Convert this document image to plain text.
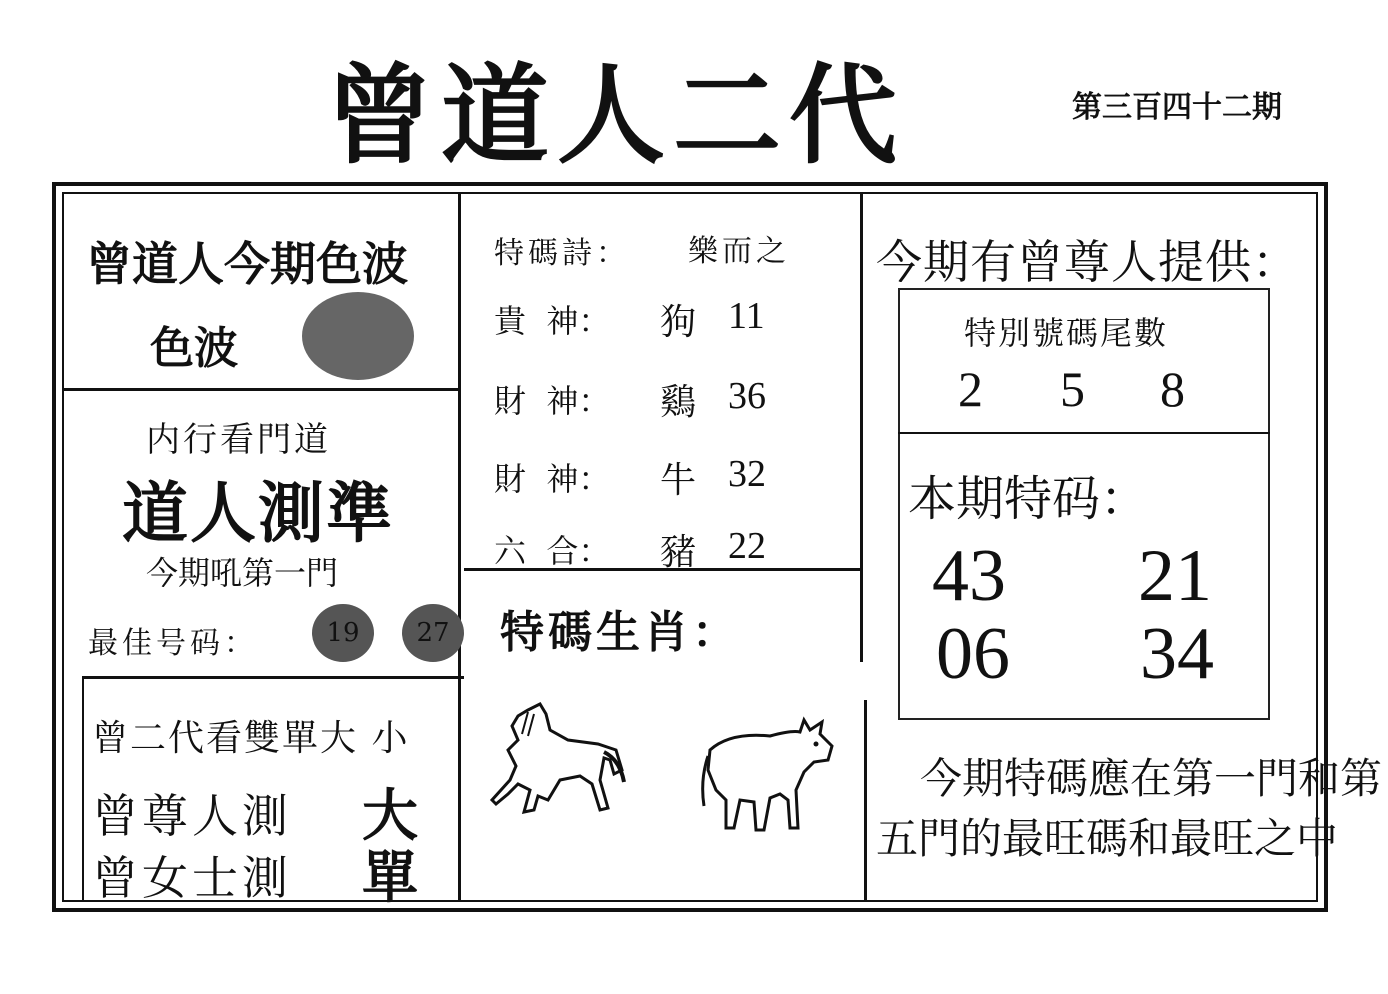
曾道人二代	第三百四十二期
曾道人今期色波
色波
内行看門道
道人測準
今期吼第一門
最佳号码：	19	27
曾二代看雙單大 小
曾尊人測 大
曾女士測 單
特碼詩： 樂而之
貴  神： 狗 11
財  神： 鷄 36
財  神： 牛 32
六  合： 豬 22
特碼生肖：
今期有曾尊人提供：
特別號碼尾數
2 5 8
本期特码：
43 21
06 34
今期特碼應在第一門和第
五門的最旺碼和最旺之中
